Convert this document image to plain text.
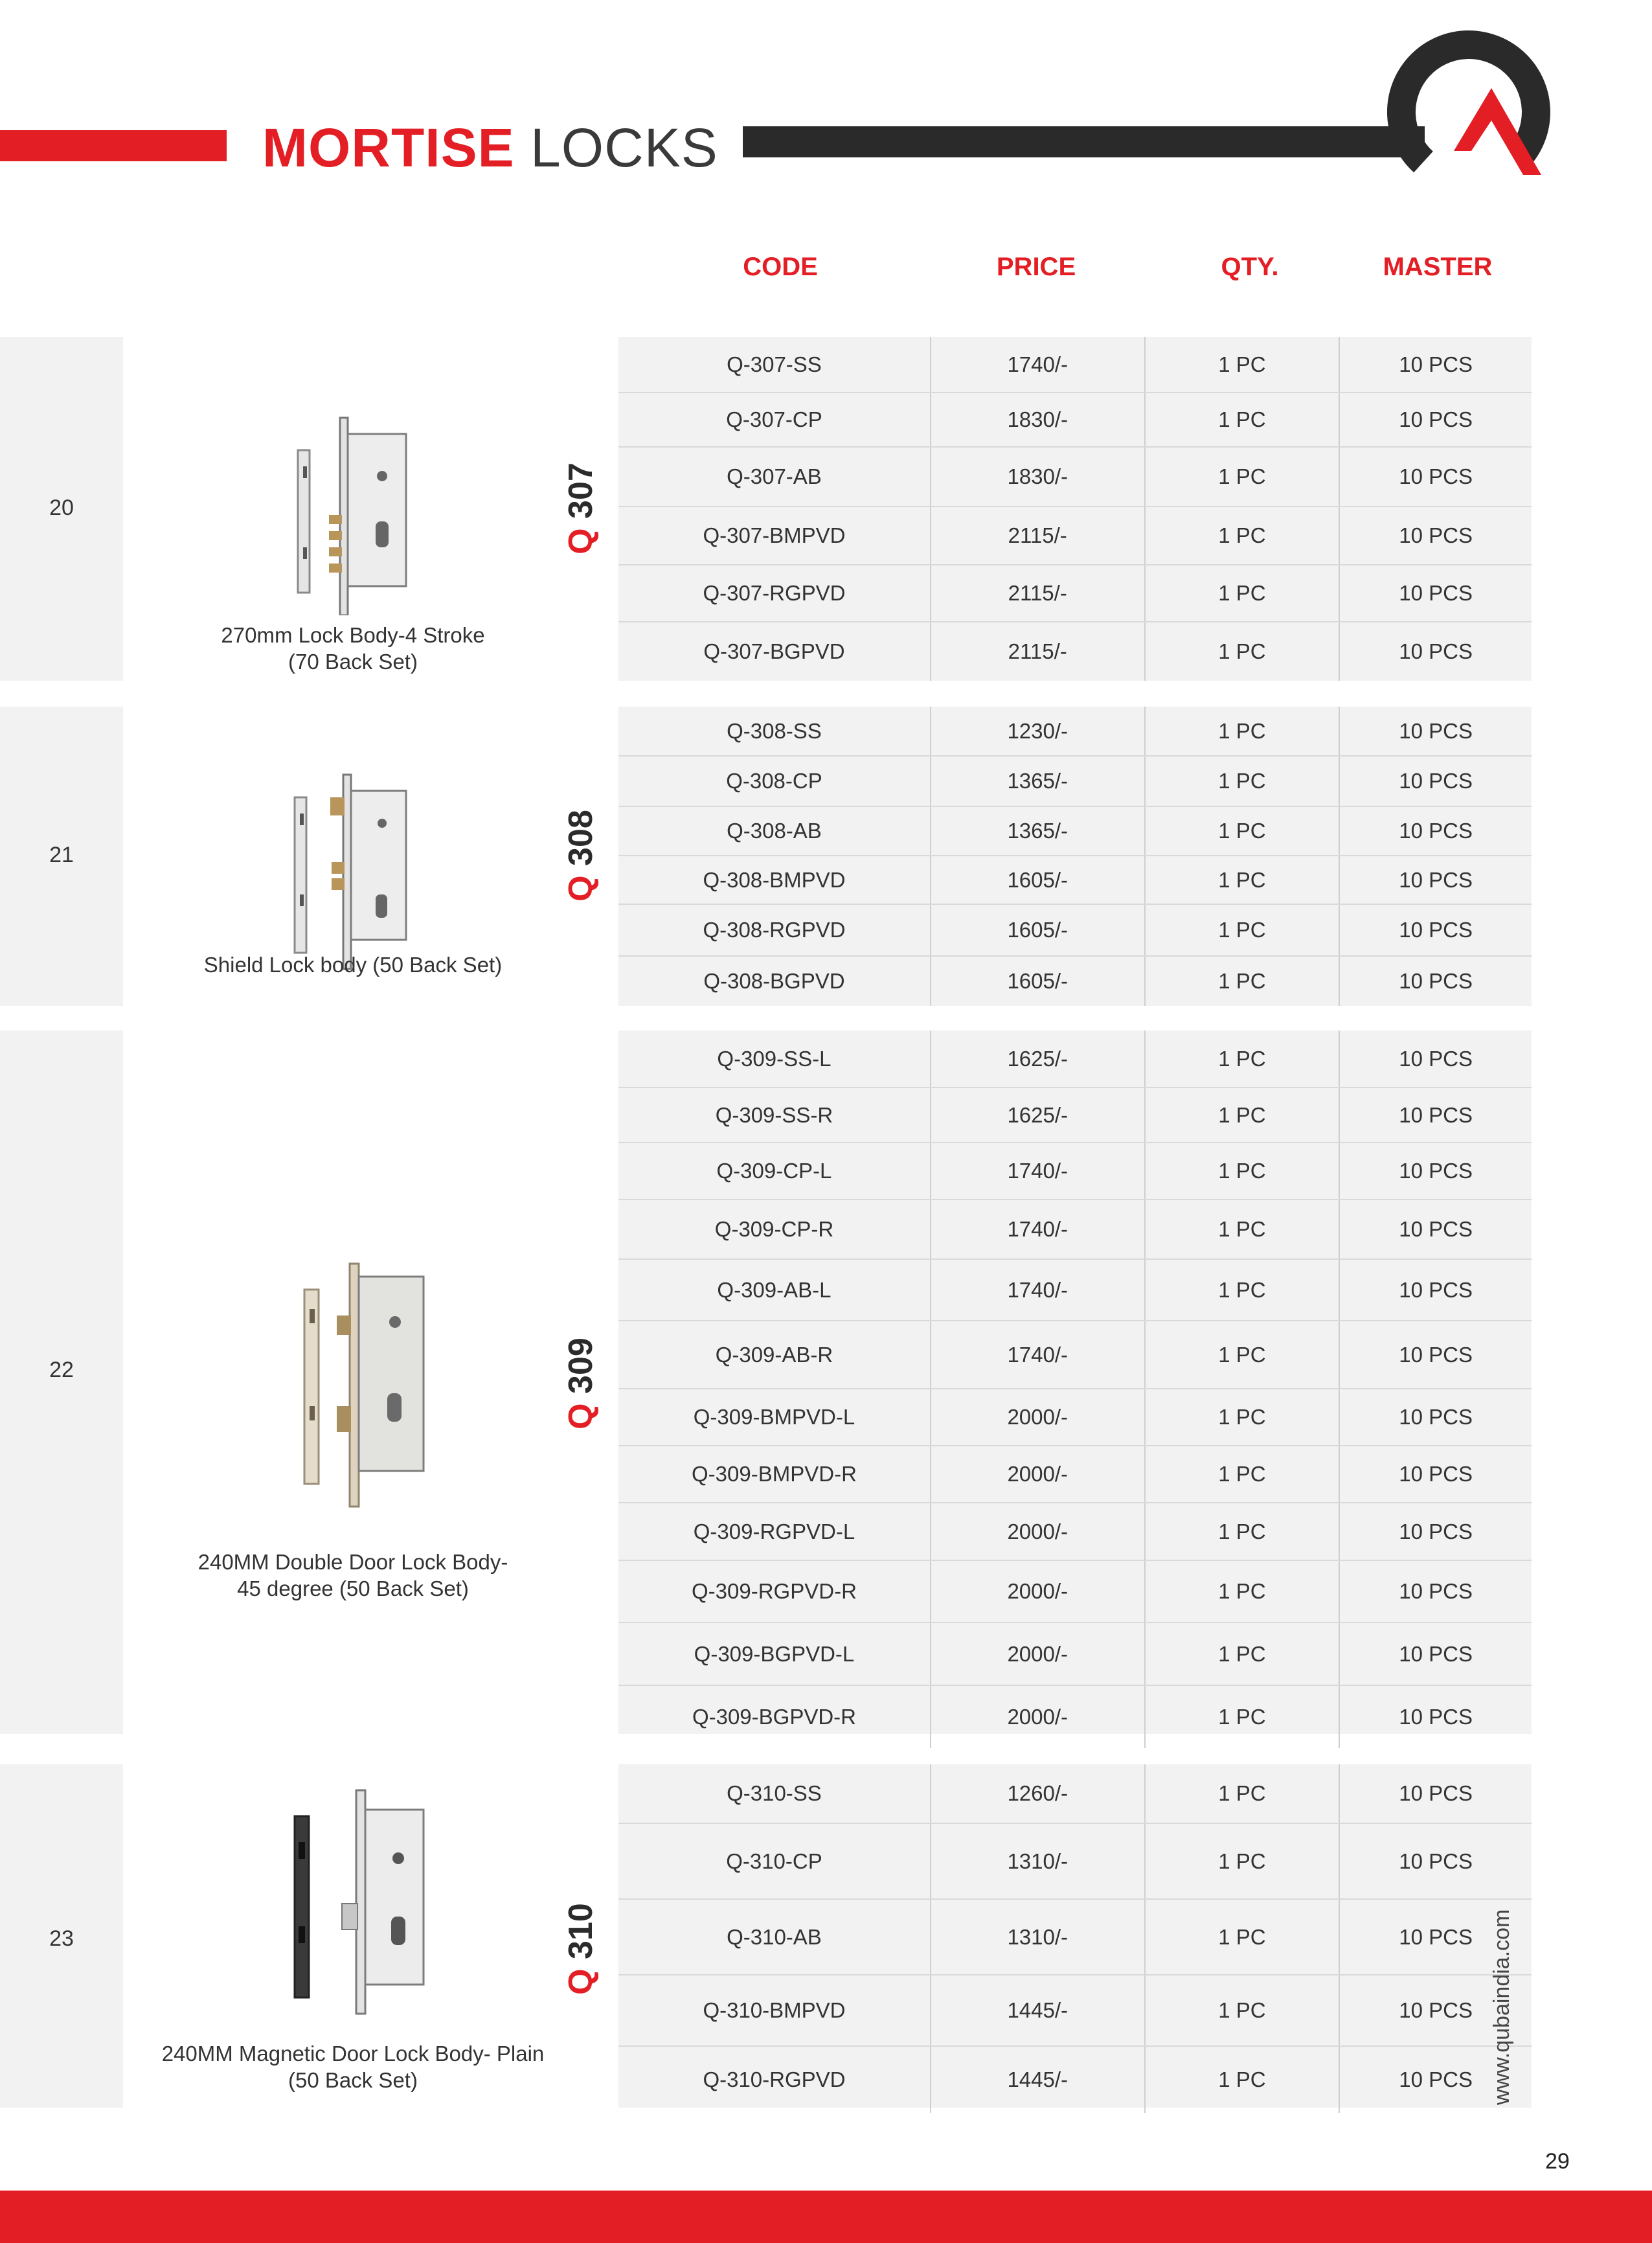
MORTISE LOCKS
CODE	PRICE	QTY.	MASTER
20
270mm Lock Body-4 Stroke
(70 Back Set)
Q 307
Q-307-SS	1740/-	1 PC	10 PCS
Q-307-CP	1830/-	1 PC	10 PCS
Q-307-AB	1830/-	1 PC	10 PCS
Q-307-BMPVD	2115/-	1 PC	10 PCS
Q-307-RGPVD	2115/-	1 PC	10 PCS
Q-307-BGPVD	2115/-	1 PC	10 PCS
21
Shield Lock body (50 Back Set)
Q 308
Q-308-SS	1230/-	1 PC	10 PCS
Q-308-CP	1365/-	1 PC	10 PCS
Q-308-AB	1365/-	1 PC	10 PCS
Q-308-BMPVD	1605/-	1 PC	10 PCS
Q-308-RGPVD	1605/-	1 PC	10 PCS
Q-308-BGPVD	1605/-	1 PC	10 PCS
22
240MM Double Door Lock Body-
45 degree (50 Back Set)
Q 309
Q-309-SS-L	1625/-	1 PC	10 PCS
Q-309-SS-R	1625/-	1 PC	10 PCS
Q-309-CP-L	1740/-	1 PC	10 PCS
Q-309-CP-R	1740/-	1 PC	10 PCS
Q-309-AB-L	1740/-	1 PC	10 PCS
Q-309-AB-R	1740/-	1 PC	10 PCS
Q-309-BMPVD-L	2000/-	1 PC	10 PCS
Q-309-BMPVD-R	2000/-	1 PC	10 PCS
Q-309-RGPVD-L	2000/-	1 PC	10 PCS
Q-309-RGPVD-R	2000/-	1 PC	10 PCS
Q-309-BGPVD-L	2000/-	1 PC	10 PCS
Q-309-BGPVD-R	2000/-	1 PC	10 PCS
23
240MM Magnetic Door Lock Body- Plain
(50 Back Set)
Q 310
Q-310-SS	1260/-	1 PC	10 PCS
Q-310-CP	1310/-	1 PC	10 PCS
Q-310-AB	1310/-	1 PC	10 PCS
Q-310-BMPVD	1445/-	1 PC	10 PCS
Q-310-RGPVD	1445/-	1 PC	10 PCS www.qubaindia.com
29
